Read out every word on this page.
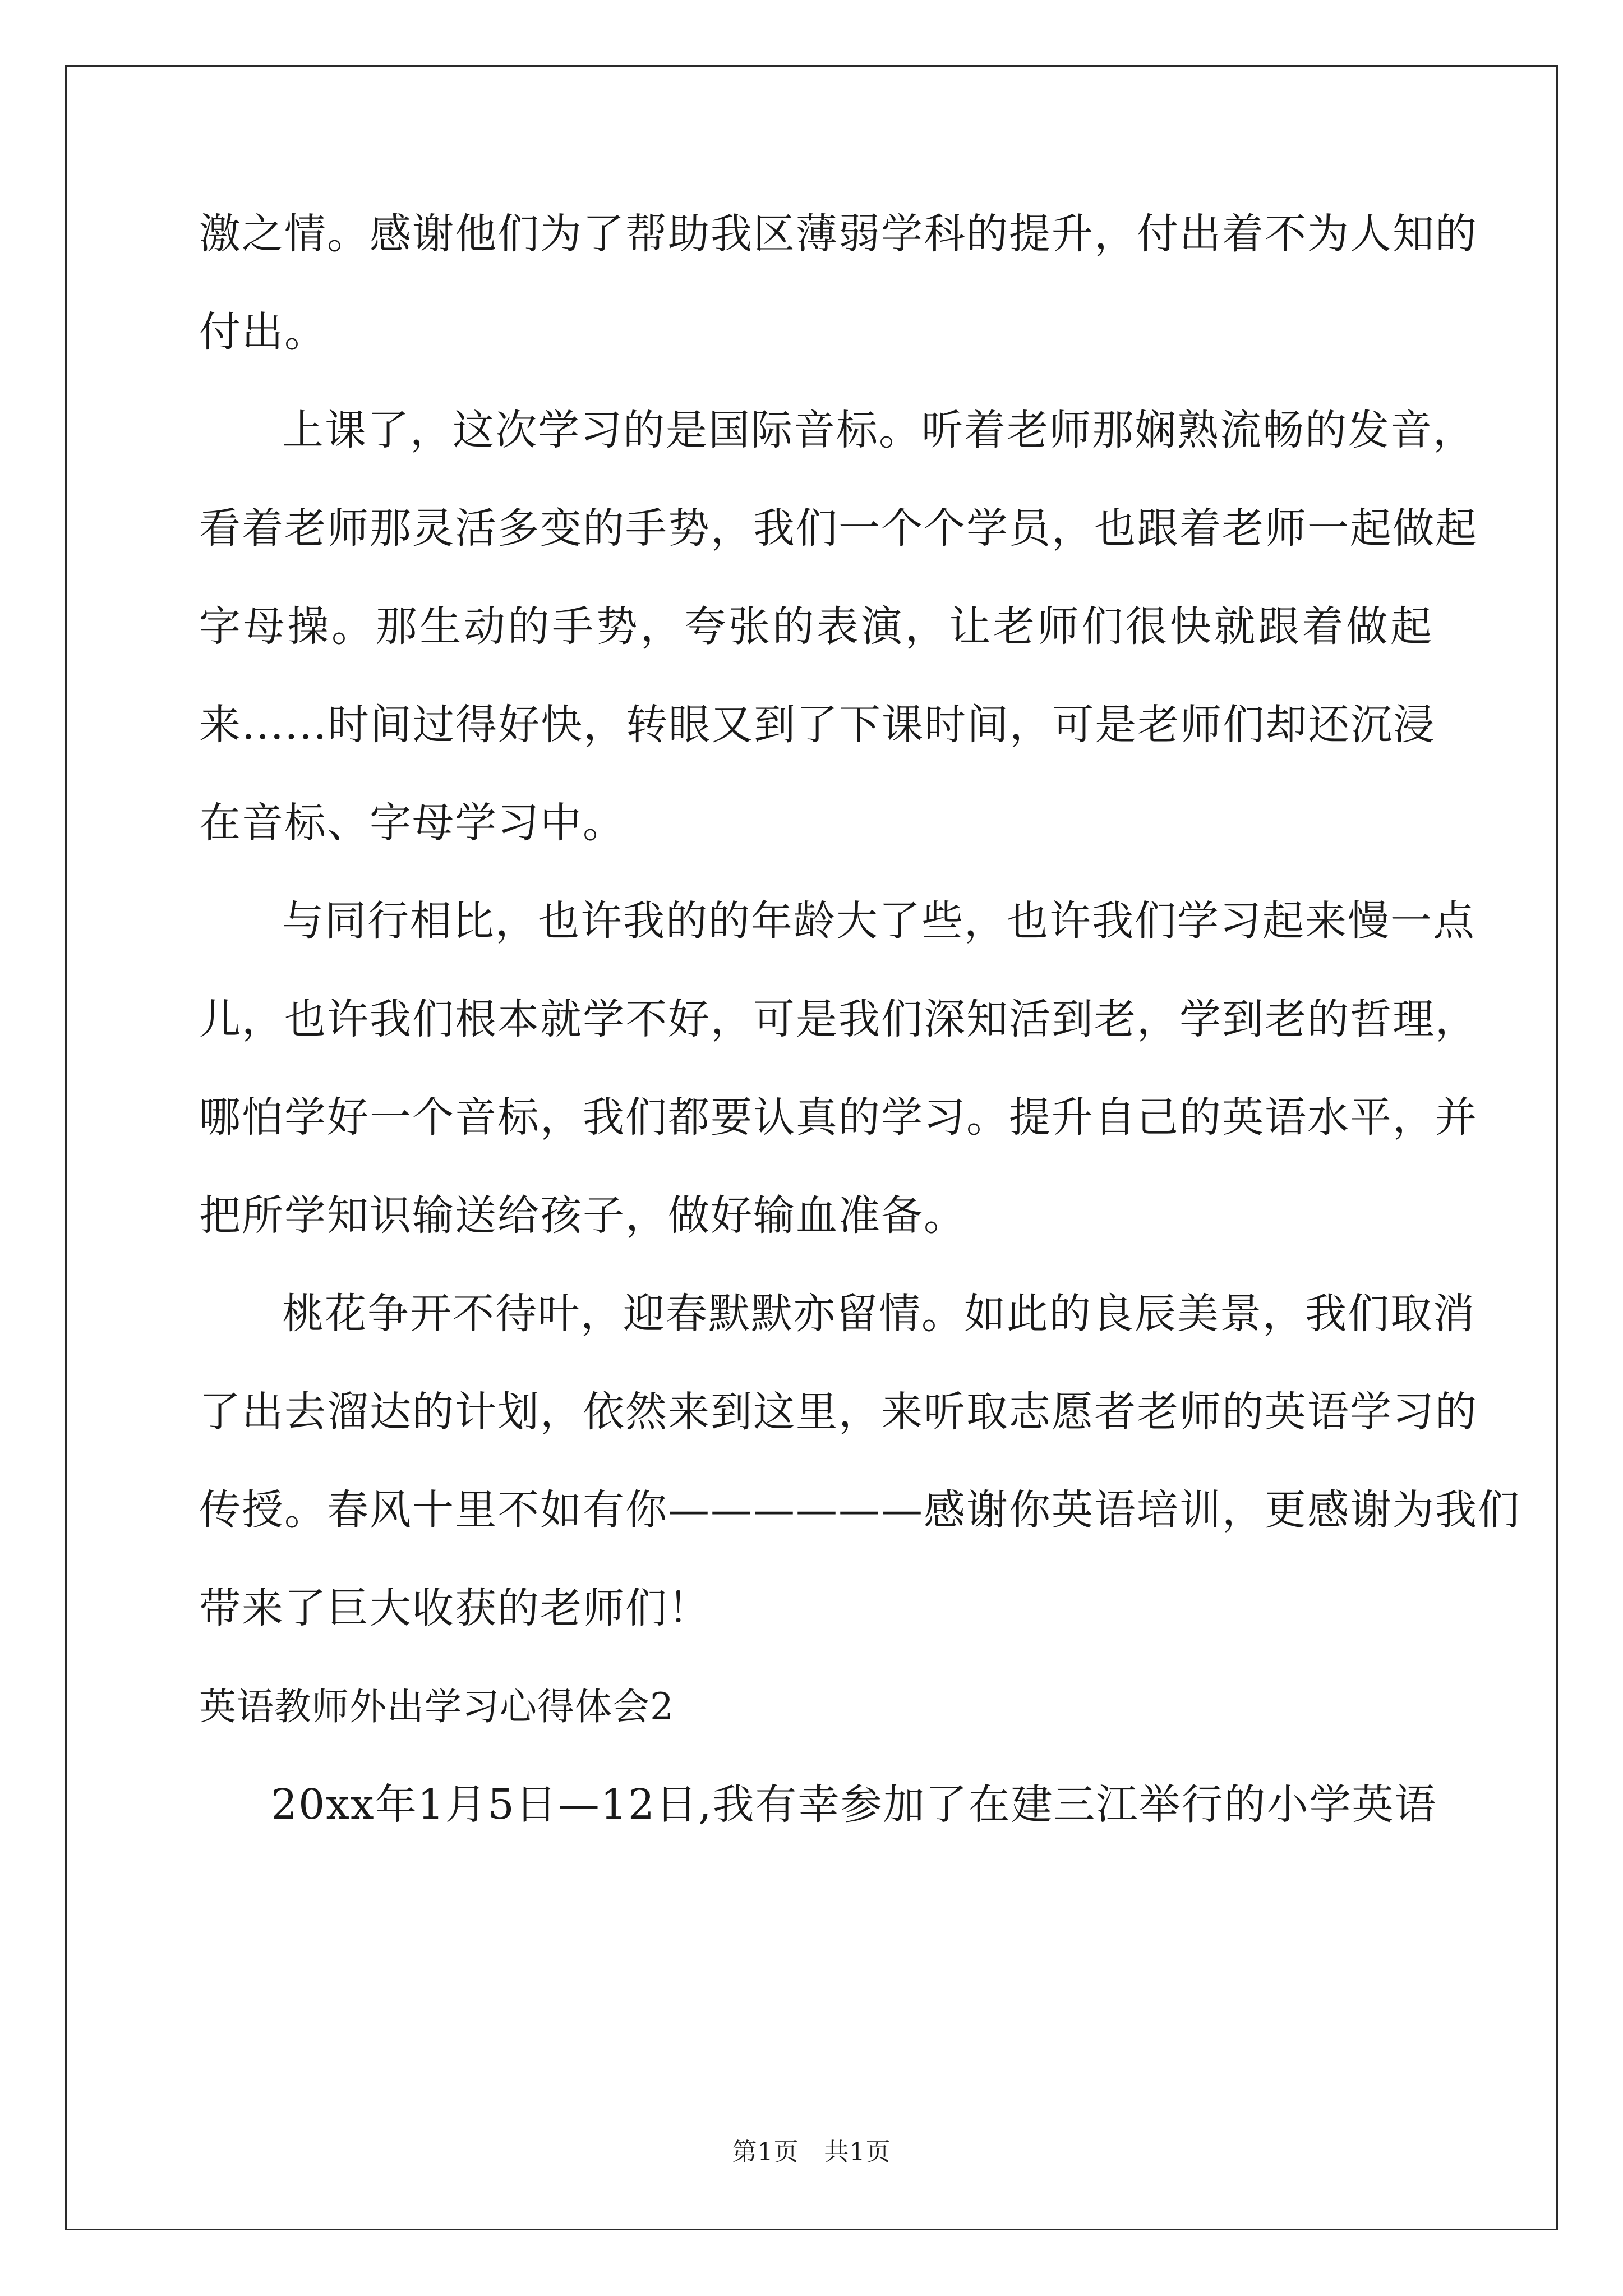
激之情。感谢他们为了帮助我区薄弱学科的提升，付出着不为人知的
付出。
上课了，这次学习的是国际音标。听着老师那娴熟流畅的发音，
看着老师那灵活多变的手势，我们一个个学员，也跟着老师一起做起
字母操。那生动的手势，夸张的表演，让老师们很快就跟着做起
来......时间过得好快，转眼又到了下课时间，可是老师们却还沉浸
在音标、字母学习中。
与同行相比，也许我的的年龄大了些，也许我们学习起来慢一点
儿，也许我们根本就学不好，可是我们深知活到老，学到老的哲理，
哪怕学好一个音标，我们都要认真的学习。提升自己的英语水平，并
把所学知识输送给孩子，做好输血准备。
桃花争开不待叶，迎春默默亦留情。如此的良辰美景，我们取消
了出去溜达的计划，依然来到这里，来听取志愿者老师的英语学习的
传授。春风十里不如有你——————感谢你英语培训，更感谢为我们
带来了巨大收获的老师们！
英语教师外出学习心得体会2
20xx年1月5日—12日,我有幸参加了在建三江举行的小学英语
第1页　共1页
